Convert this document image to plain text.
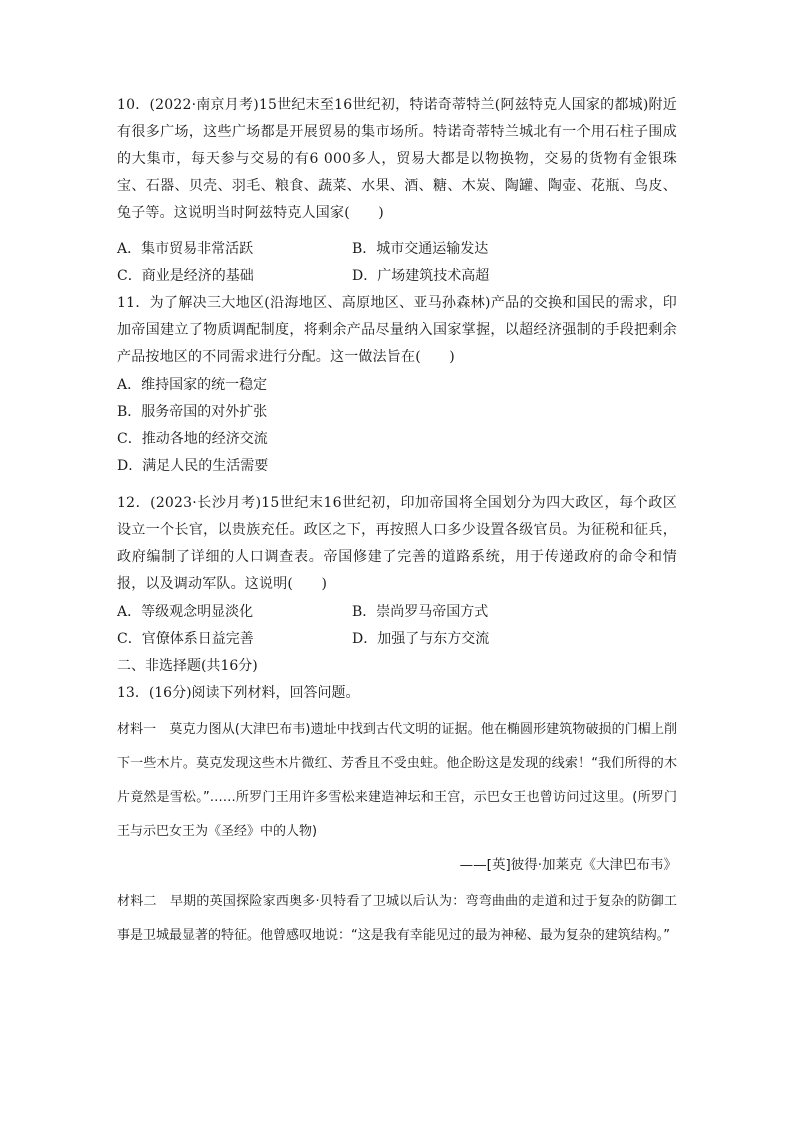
10．(2022·南京月考)15世纪末至16世纪初，特诺奇蒂特兰(阿兹特克人国家的都城)附近有很多广场，这些广场都是开展贸易的集市场所。特诺奇蒂特兰城北有一个用石柱子围成的大集市，每天参与交易的有6 000多人，贸易大都是以物换物，交易的货物有金银珠宝、石器、贝壳、羽毛、粮食、蔬菜、水果、酒、糖、木炭、陶罐、陶壶、花瓶、鸟皮、兔子等。这说明当时阿兹特克人国家(　　)
A．集市贸易非常活跃	B．城市交通运输发达
C．商业是经济的基础	D．广场建筑技术高超
11．为了解决三大地区(沿海地区、高原地区、亚马孙森林)产品的交换和国民的需求，印加帝国建立了物质调配制度，将剩余产品尽量纳入国家掌握，以超经济强制的手段把剩余产品按地区的不同需求进行分配。这一做法旨在(　　)
A．维持国家的统一稳定
B．服务帝国的对外扩张
C．推动各地的经济交流
D．满足人民的生活需要
12．(2023·长沙月考)15世纪末16世纪初，印加帝国将全国划分为四大政区，每个政区设立一个长官，以贵族充任。政区之下，再按照人口多少设置各级官员。为征税和征兵，政府编制了详细的人口调查表。帝国修建了完善的道路系统，用于传递政府的命令和情报，以及调动军队。这说明(　　)
A．等级观念明显淡化	B．崇尚罗马帝国方式
C．官僚体系日益完善	D．加强了与东方交流
二、非选择题(共16分)
13．(16分)阅读下列材料，回答问题。
材料一　莫克力图从(大津巴布韦)遗址中找到古代文明的证据。他在椭圆形建筑物破损的门楣上削下一些木片。莫克发现这些木片微红、芳香且不受虫蛀。他企盼这是发现的线索！“我们所得的木片竟然是雪松。”……所罗门王用许多雪松来建造神坛和王宫，示巴女王也曾访问过这里。(所罗门王与示巴女王为《圣经》中的人物)
——[英]彼得·加莱克《大津巴布韦》
材料二　早期的英国探险家西奥多·贝特看了卫城以后认为：弯弯曲曲的走道和过于复杂的防御工事是卫城最显著的特征。他曾感叹地说：“这是我有幸能见过的最为神秘、最为复杂的建筑结构。”
